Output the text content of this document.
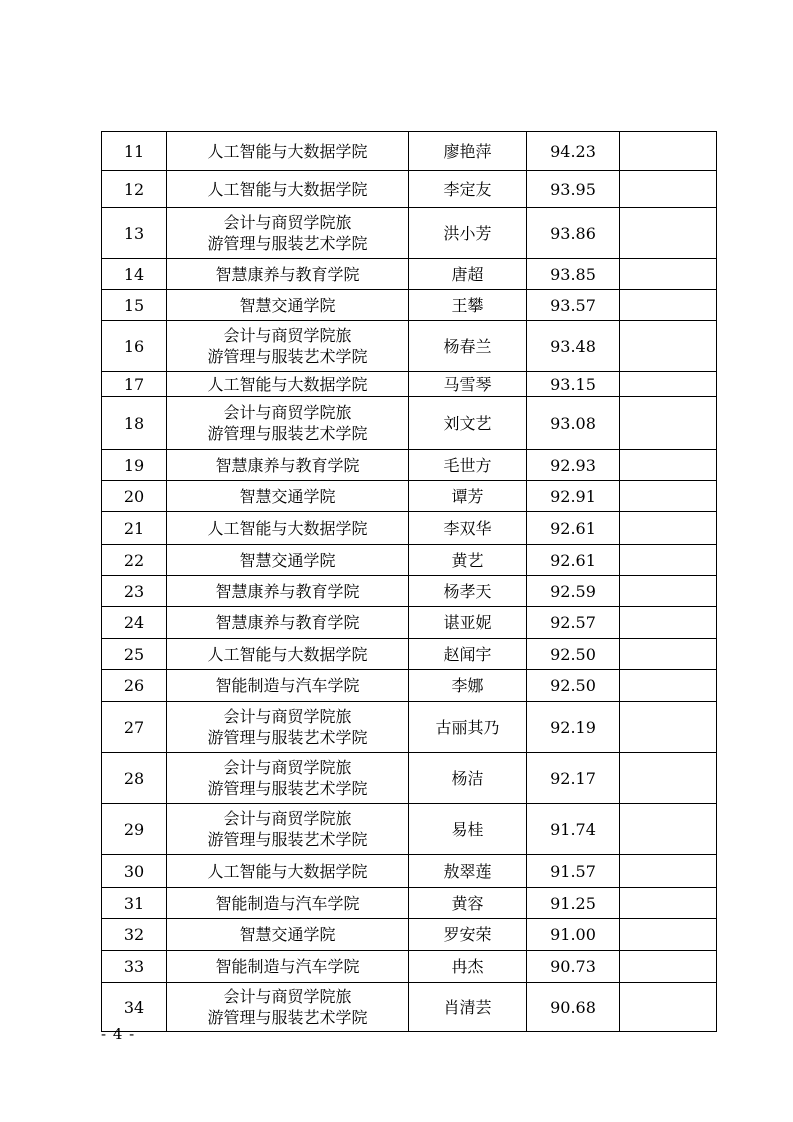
11	人工智能与大数据学院	廖艳萍	94.23	
12	人工智能与大数据学院	李定友	93.95	
13	会计与商贸学院旅
游管理与服装艺术学院	洪小芳	93.86	
14	智慧康养与教育学院	唐超	93.85	
15	智慧交通学院	王攀	93.57	
16	会计与商贸学院旅
游管理与服装艺术学院	杨春兰	93.48	
17	人工智能与大数据学院	马雪琴	93.15	
18	会计与商贸学院旅
游管理与服装艺术学院	刘文艺	93.08	
19	智慧康养与教育学院	毛世方	92.93	
20	智慧交通学院	谭芳	92.91	
21	人工智能与大数据学院	李双华	92.61	
22	智慧交通学院	黄艺	92.61	
23	智慧康养与教育学院	杨孝天	92.59	
24	智慧康养与教育学院	谌亚妮	92.57	
25	人工智能与大数据学院	赵闻宇	92.50	
26	智能制造与汽车学院	李娜	92.50	
27	会计与商贸学院旅
游管理与服装艺术学院	古丽其乃	92.19	
28	会计与商贸学院旅
游管理与服装艺术学院	杨洁	92.17	
29	会计与商贸学院旅
游管理与服装艺术学院	易桂	91.74	
30	人工智能与大数据学院	敖翠莲	91.57	
31	智能制造与汽车学院	黄容	91.25	
32	智慧交通学院	罗安荣	91.00	
33	智能制造与汽车学院	冉杰	90.73	
34	会计与商贸学院旅
游管理与服装艺术学院	肖清芸	90.68	
- 4 -
